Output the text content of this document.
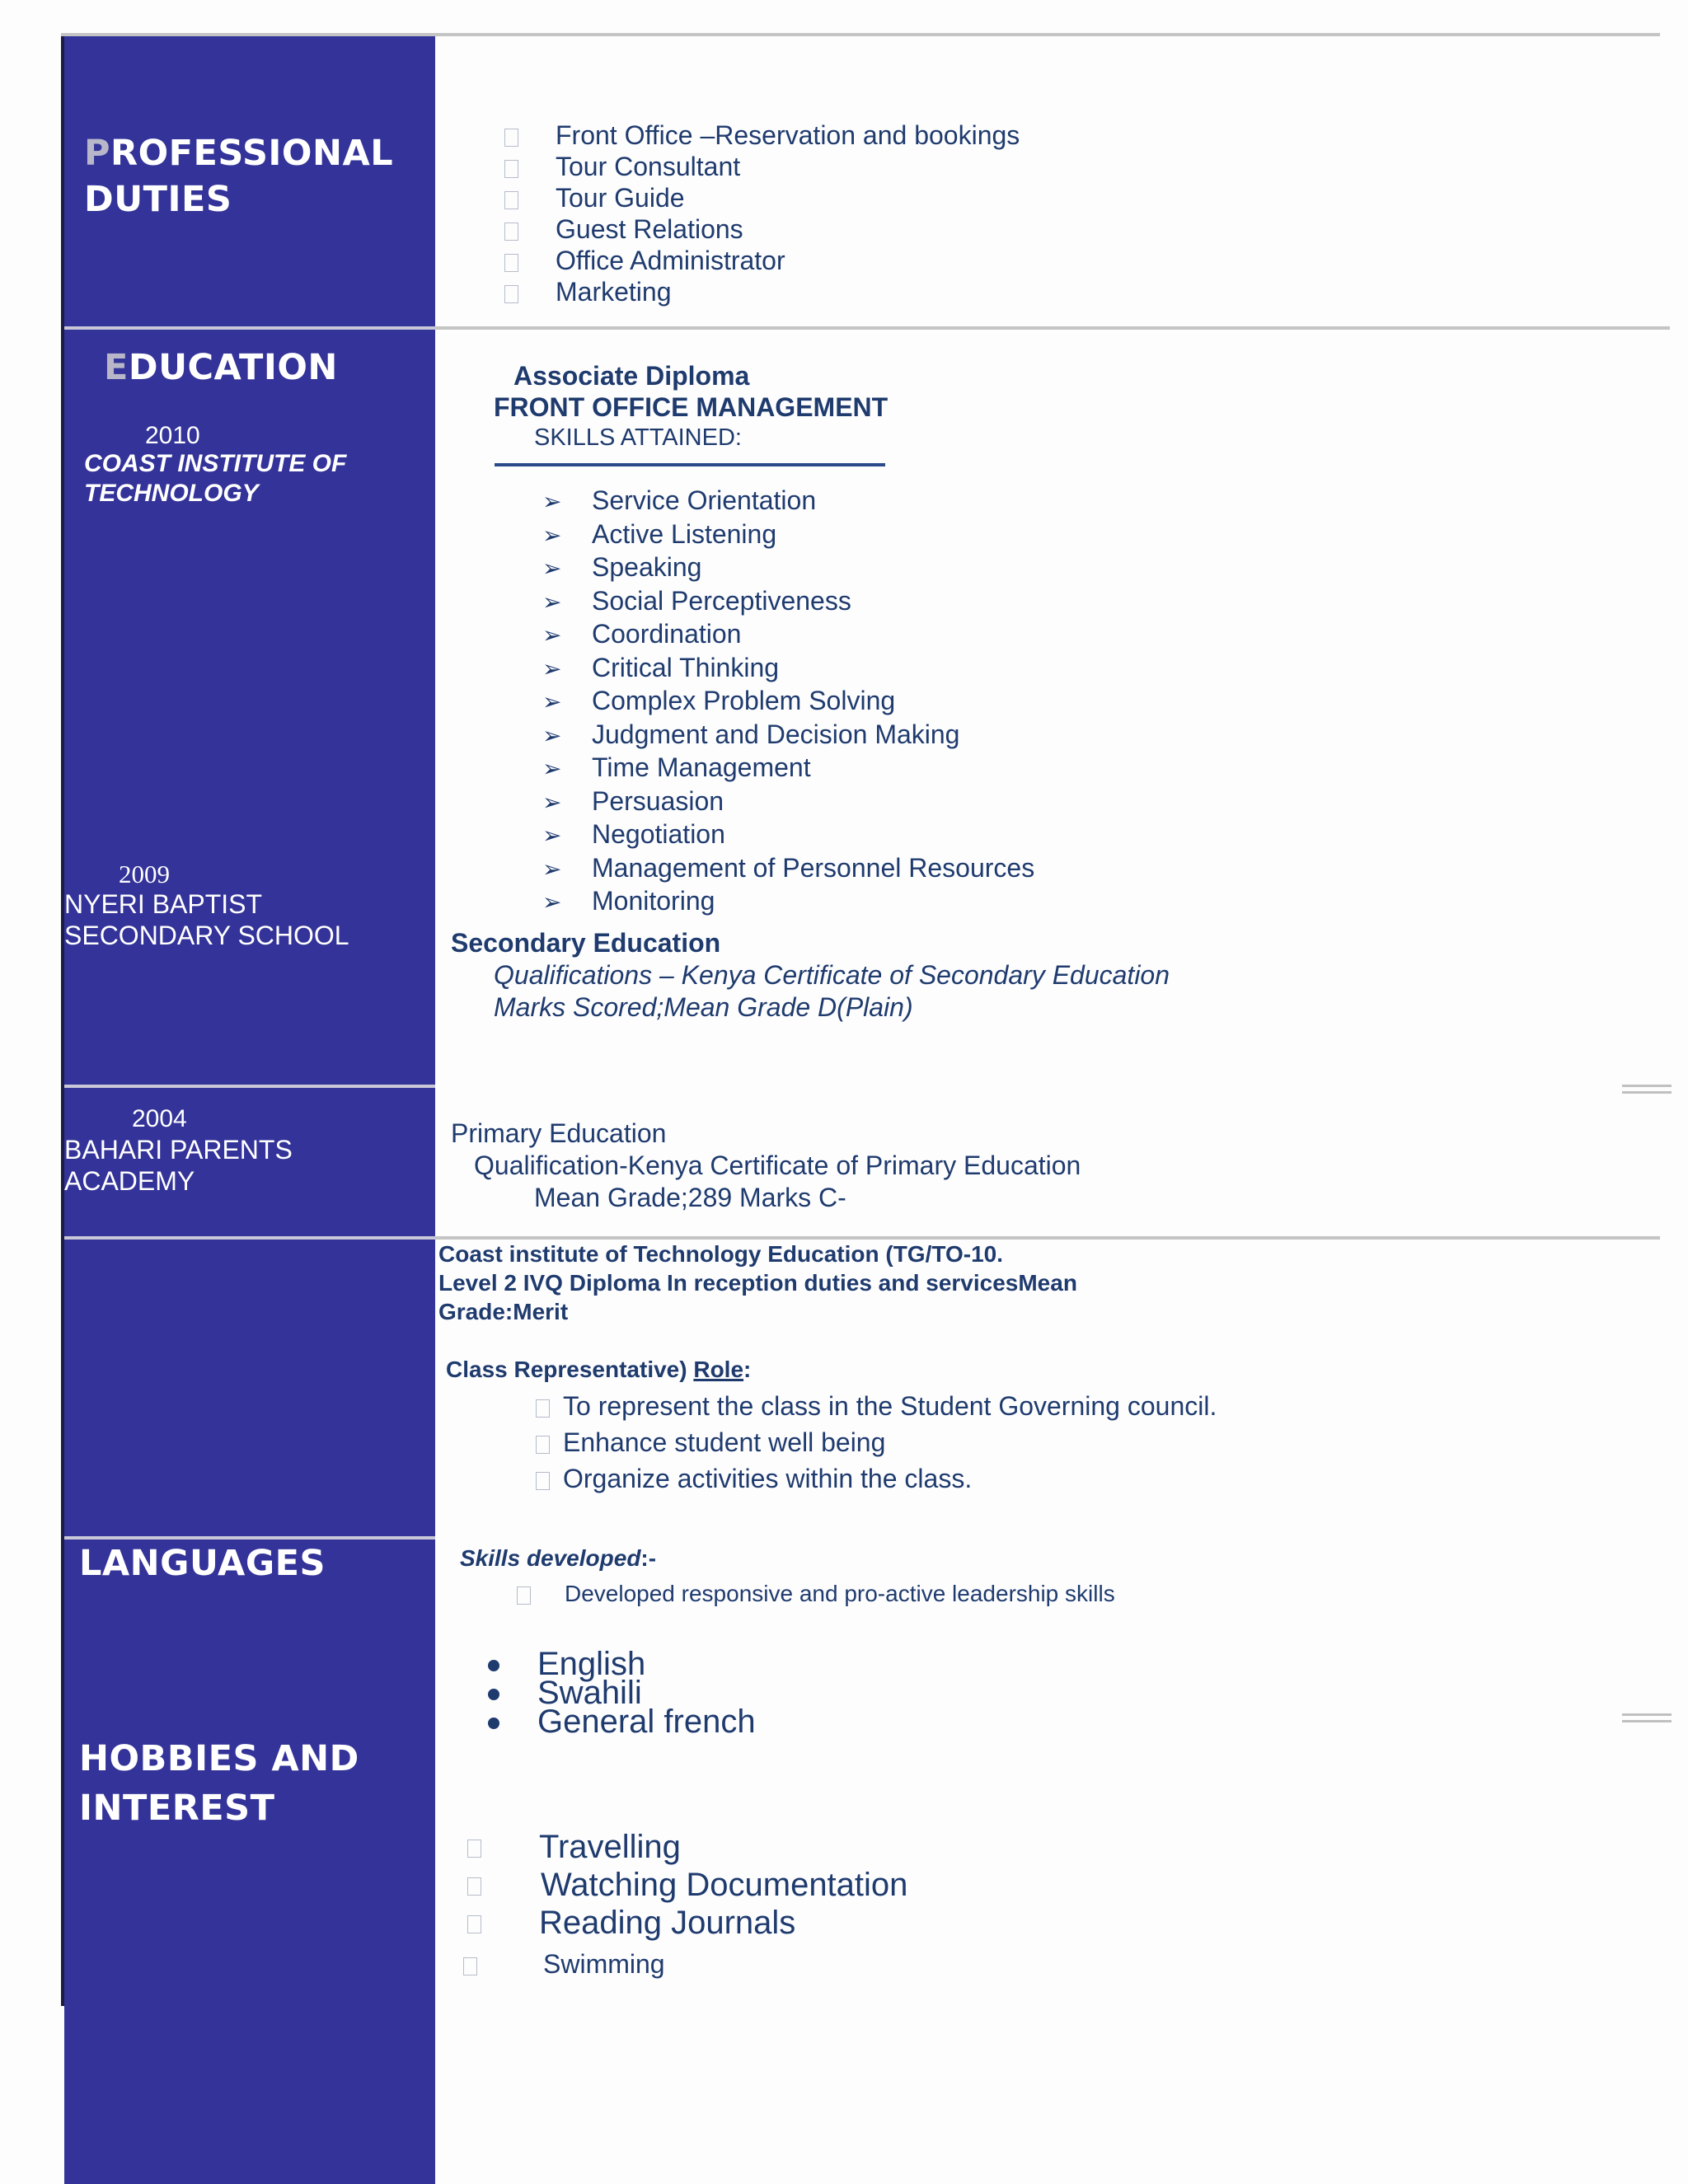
PROFESSIONAL
DUTIES
Front Office –Reservation and bookings
Tour Consultant
Tour Guide
Guest Relations
Office Administrator
Marketing
EDUCATION
2010
COAST INSTITUTE OF
TECHNOLOGY
Associate Diploma
FRONT OFFICE MANAGEMENT
SKILLS ATTAINED:
➢ Service Orientation
➢ Active Listening
➢ Speaking
➢ Social Perceptiveness
➢ Coordination
➢ Critical Thinking
➢ Complex Problem Solving
➢ Judgment and Decision Making
➢ Time Management
➢ Persuasion
➢ Negotiation
➢ Management of Personnel Resources
➢ Monitoring
2009
NYERI BAPTIST
SECONDARY SCHOOL	Secondary Education
Qualifications – Kenya Certificate of Secondary Education
Marks Scored;Mean Grade D(Plain)
2004
BAHARI PARENTS
ACADEMY
Primary Education
Qualification-Kenya Certificate of Primary Education
Mean Grade;289 Marks C-
Coast institute of Technology Education (TG/TO-10.
Level 2 IVQ Diploma In reception duties and servicesMean
Grade:Merit
Class Representative) Role:
To represent the class in the Student Governing council.
Enhance student well being
Organize activities within the class.
Skills developed:-
Developed responsive and pro-active leadership skills
LANGUAGES
English
Swahili
General french
HOBBIES AND
INTEREST
Travelling
Watching Documentation
Reading Journals
Swimming
